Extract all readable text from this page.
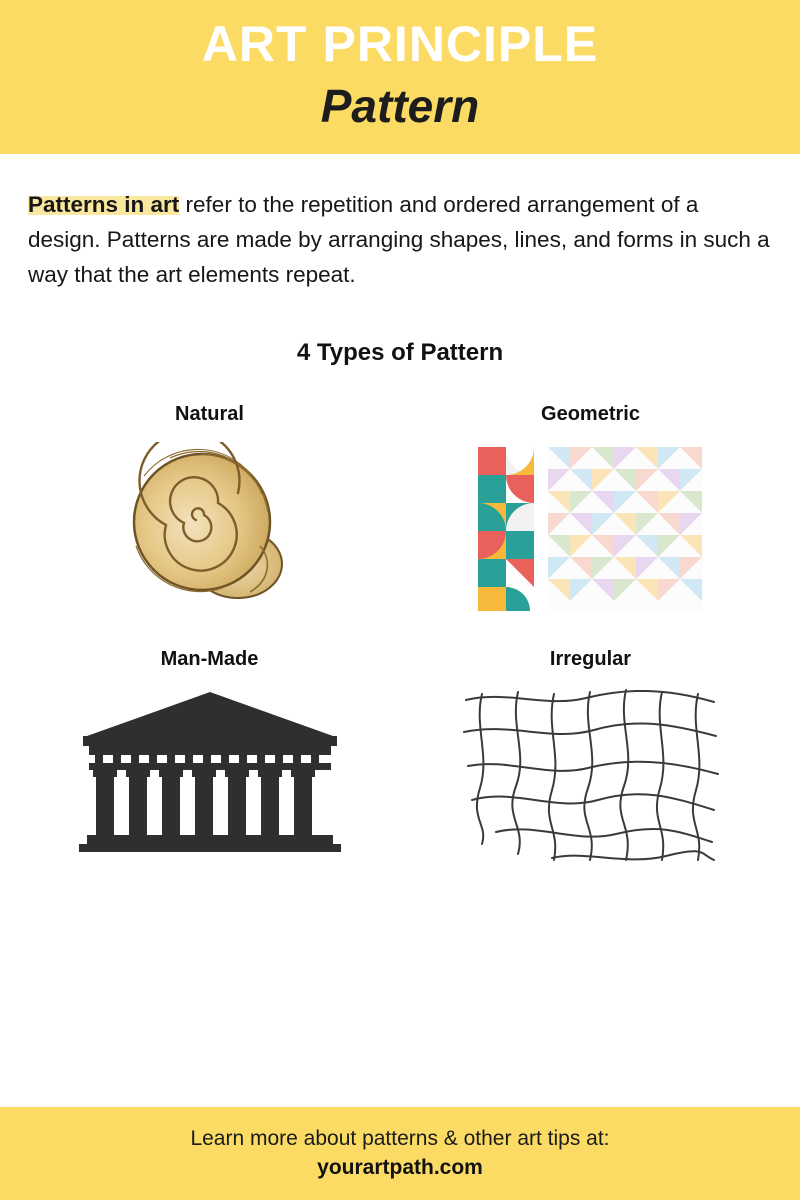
ART PRINCIPLE
Pattern
Patterns in art refer to the repetition and ordered arrangement of a design. Patterns are made by arranging shapes, lines, and forms in such a way that the art elements repeat.
4 Types of Pattern
Natural	Geometric
Man-Made	Irregular
Learn more about patterns & other art tips at:
yourartpath.com
